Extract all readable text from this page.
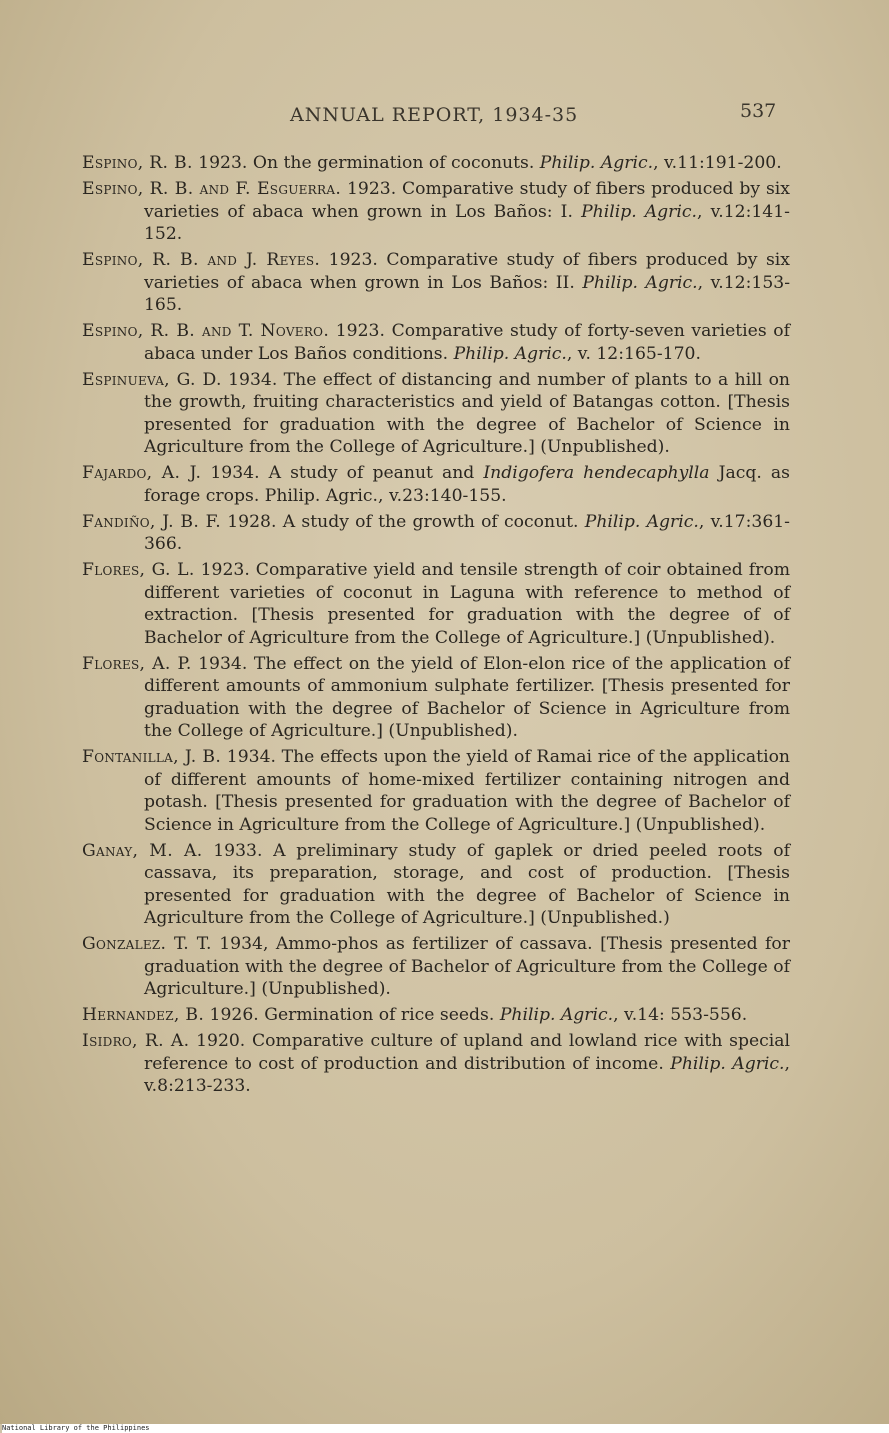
ANNUAL REPORT, 1934-35	537

Espino, R. B. 1923. On the germination of coconuts. Philip. Agric., v.11:191-200.

Espino, R. B. and F. Esguerra. 1923. Comparative study of fibers produced by six varieties of abaca when grown in Los Baños: I. Philip. Agric., v.12:141-152.

Espino, R. B. and J. Reyes. 1923. Comparative study of fibers produced by six varieties of abaca when grown in Los Baños: II. Philip. Agric., v.12:153-165.

Espino, R. B. and T. Novero. 1923. Comparative study of forty-seven varieties of abaca under Los Baños conditions. Philip. Agric., v. 12:165-170.

Espinueva, G. D. 1934. The effect of distancing and number of plants to a hill on the growth, fruiting characteristics and yield of Batangas cotton. [Thesis presented for graduation with the degree of Bachelor of Science in Agriculture from the College of Agriculture.] (Unpublished).

Fajardo, A. J. 1934. A study of peanut and Indigofera hendecaphylla Jacq. as forage crops. Philip. Agric., v.23:140-155.

Fandiño, J. B. F. 1928. A study of the growth of coconut. Philip. Agric., v.17:361-366.

Flores, G. L. 1923. Comparative yield and tensile strength of coir obtained from different varieties of coconut in Laguna with reference to method of extraction. [Thesis presented for graduation with the degree of of Bachelor of Agriculture from the College of Agriculture.] (Unpublished).

Flores, A. P. 1934. The effect on the yield of Elon-elon rice of the application of different amounts of ammonium sulphate fertilizer. [Thesis presented for graduation with the degree of Bachelor of Science in Agriculture from the College of Agriculture.] (Unpublished).

Fontanilla, J. B. 1934. The effects upon the yield of Ramai rice of the application of different amounts of home-mixed fertilizer containing nitrogen and potash. [Thesis presented for graduation with the degree of Bachelor of Science in Agriculture from the College of Agriculture.] (Unpublished).

Ganay, M. A. 1933. A preliminary study of gaplek or dried peeled roots of cassava, its preparation, storage, and cost of production. [Thesis presented for graduation with the degree of Bachelor of Science in Agriculture from the College of Agriculture.] (Unpublished.)

Gonzalez. T. T. 1934, Ammo-phos as fertilizer of cassava. [Thesis presented for graduation with the degree of Bachelor of Agriculture from the College of Agriculture.] (Unpublished).

Hernandez, B. 1926. Germination of rice seeds. Philip. Agric., v.14: 553-556.

Isidro, R. A. 1920. Comparative culture of upland and lowland rice with special reference to cost of production and distribution of income. Philip. Agric., v.8:213-233.

National Library of the Philippines
